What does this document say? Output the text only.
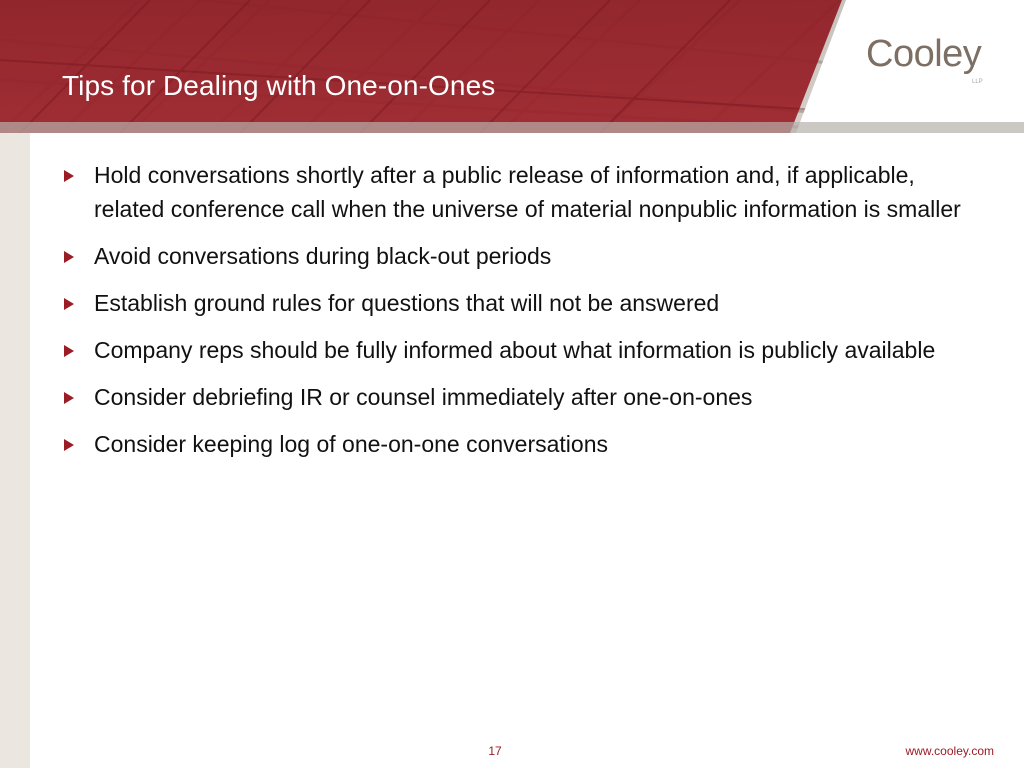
Tips for Dealing with One-on-Ones
Cooley
LLP
Hold conversations shortly after a public release of information and, if applicable, related conference call when the universe of material nonpublic information is smaller
Avoid conversations during black-out periods
Establish ground rules for questions that will not be answered
Company reps should be fully informed about what information is publicly available
Consider debriefing IR or counsel immediately after one-on-ones
Consider keeping log of one-on-one conversations
17	www.cooley.com
